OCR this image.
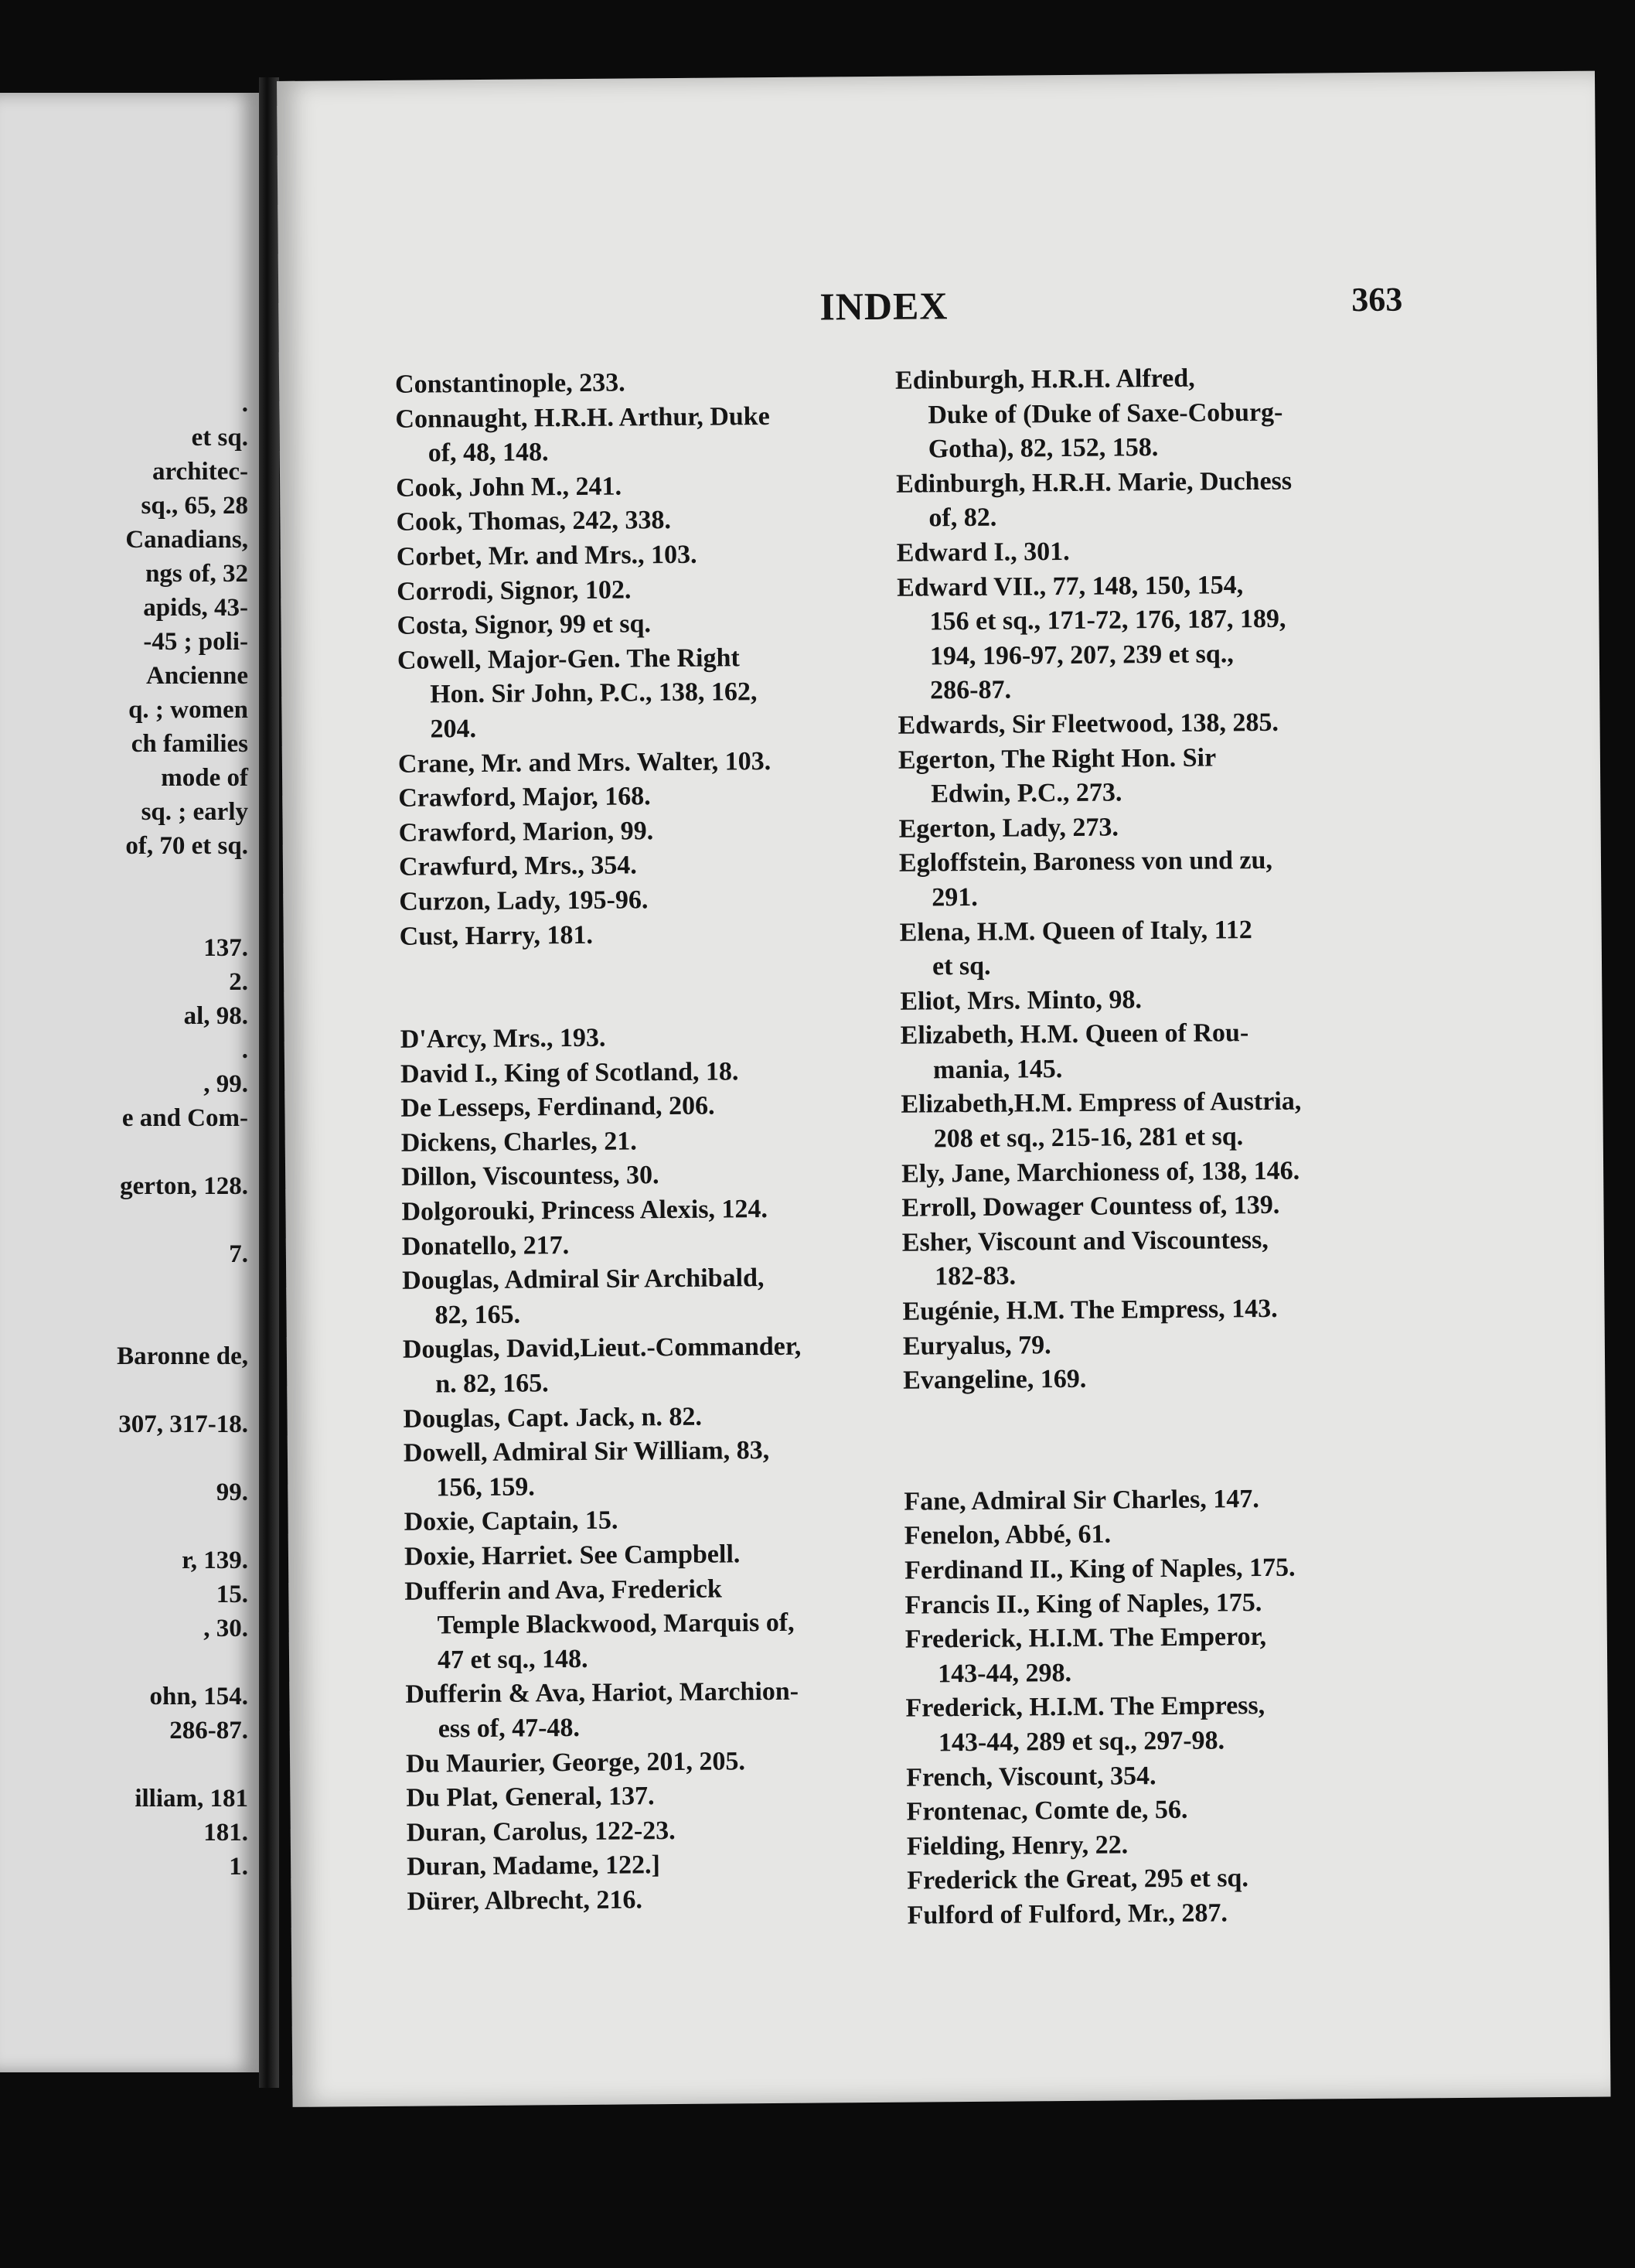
.
et sq.
architec-
sq., 65, 28
Canadians,
ngs of, 32
apids, 43-
-45 ; poli-
Ancienne
q. ; women
ch families
mode of
sq. ; early
of, 70 et sq.
137.
2.
al, 98.
.
, 99.
e and Com-
gerton, 128.
7.
Baronne de,
307, 317-18.
99.
r, 139.
15.
, 30.
ohn, 154.
286-87.
illiam, 181
181.
1.
INDEX	363
Constantinople, 233.
Connaught, H.R.H. Arthur, Duke
of, 48, 148.
Cook, John M., 241.
Cook, Thomas, 242, 338.
Corbet, Mr. and Mrs., 103.
Corrodi, Signor, 102.
Costa, Signor, 99 et sq.
Cowell, Major-Gen. The Right
Hon. Sir John, P.C., 138, 162,
204.
Crane, Mr. and Mrs. Walter, 103.
Crawford, Major, 168.
Crawford, Marion, 99.
Crawfurd, Mrs., 354.
Curzon, Lady, 195-96.
Cust, Harry, 181.
D'Arcy, Mrs., 193.
David I., King of Scotland, 18.
De Lesseps, Ferdinand, 206.
Dickens, Charles, 21.
Dillon, Viscountess, 30.
Dolgorouki, Princess Alexis, 124.
Donatello, 217.
Douglas, Admiral Sir Archibald,
82, 165.
Douglas, David,Lieut.-Commander,
n. 82, 165.
Douglas, Capt. Jack, n. 82.
Dowell, Admiral Sir William, 83,
156, 159.
Doxie, Captain, 15.
Doxie, Harriet. See Campbell.
Dufferin and Ava, Frederick
Temple Blackwood, Marquis of,
47 et sq., 148.
Dufferin & Ava, Hariot, Marchion-
ess of, 47-48.
Du Maurier, George, 201, 205.
Du Plat, General, 137.
Duran, Carolus, 122-23.
Duran, Madame, 122.]
Dürer, Albrecht, 216.
Edinburgh, H.R.H. Alfred,
Duke of (Duke of Saxe-Coburg-
Gotha), 82, 152, 158.
Edinburgh, H.R.H. Marie, Duchess
of, 82.
Edward I., 301.
Edward VII., 77, 148, 150, 154,
156 et sq., 171-72, 176, 187, 189,
194, 196-97, 207, 239 et sq.,
286-87.
Edwards, Sir Fleetwood, 138, 285.
Egerton, The Right Hon. Sir
Edwin, P.C., 273.
Egerton, Lady, 273.
Egloffstein, Baroness von und zu,
291.
Elena, H.M. Queen of Italy, 112
et sq.
Eliot, Mrs. Minto, 98.
Elizabeth, H.M. Queen of Rou-
mania, 145.
Elizabeth,H.M. Empress of Austria,
208 et sq., 215-16, 281 et sq.
Ely, Jane, Marchioness of, 138, 146.
Erroll, Dowager Countess of, 139.
Esher, Viscount and Viscountess,
182-83.
Eugénie, H.M. The Empress, 143.
Euryalus, 79.
Evangeline, 169.
Fane, Admiral Sir Charles, 147.
Fenelon, Abbé, 61.
Ferdinand II., King of Naples, 175.
Francis II., King of Naples, 175.
Frederick, H.I.M. The Emperor,
143-44, 298.
Frederick, H.I.M. The Empress,
143-44, 289 et sq., 297-98.
French, Viscount, 354.
Frontenac, Comte de, 56.
Fielding, Henry, 22.
Frederick the Great, 295 et sq.
Fulford of Fulford, Mr., 287.
